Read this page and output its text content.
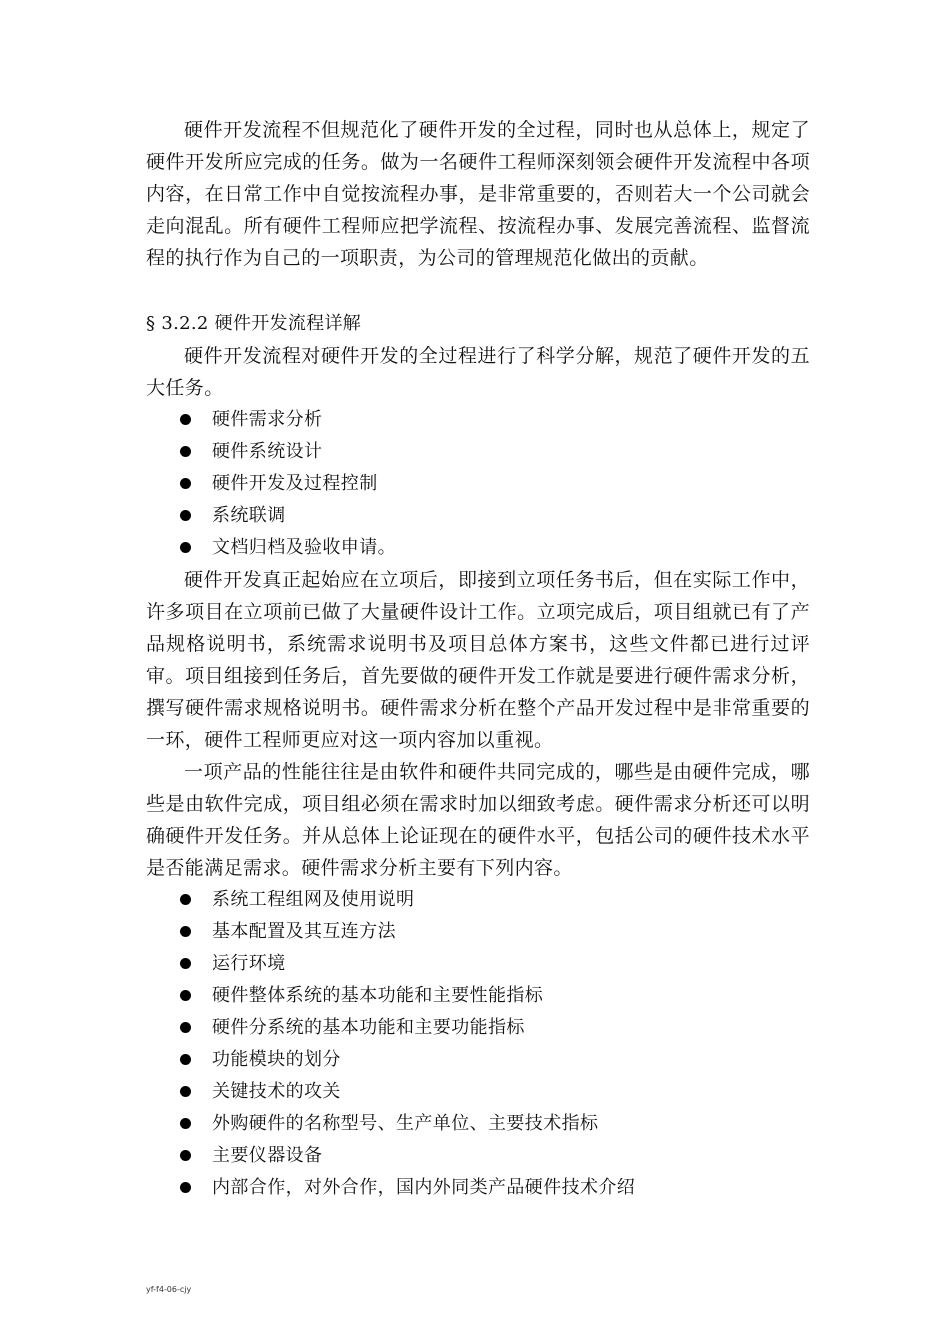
硬件开发流程不但规范化了硬件开发的全过程，同时也从总体上，规定了硬件开发所应完成的任务。做为一名硬件工程师深刻领会硬件开发流程中各项内容，在日常工作中自觉按流程办事，是非常重要的，否则若大一个公司就会走向混乱。所有硬件工程师应把学流程、按流程办事、发展完善流程、监督流程的执行作为自己的一项职责，为公司的管理规范化做出的贡献。

§ 3.2.2 硬件开发流程详解

硬件开发流程对硬件开发的全过程进行了科学分解，规范了硬件开发的五大任务。

硬件需求分析
硬件系统设计
硬件开发及过程控制
系统联调
文档归档及验收申请。

硬件开发真正起始应在立项后，即接到立项任务书后，但在实际工作中，许多项目在立项前已做了大量硬件设计工作。立项完成后，项目组就已有了产品规格说明书，系统需求说明书及项目总体方案书，这些文件都已进行过评审。项目组接到任务后，首先要做的硬件开发工作就是要进行硬件需求分析，撰写硬件需求规格说明书。硬件需求分析在整个产品开发过程中是非常重要的一环，硬件工程师更应对这一项内容加以重视。

一项产品的性能往往是由软件和硬件共同完成的，哪些是由硬件完成，哪些是由软件完成，项目组必须在需求时加以细致考虑。硬件需求分析还可以明确硬件开发任务。并从总体上论证现在的硬件水平，包括公司的硬件技术水平是否能满足需求。硬件需求分析主要有下列内容。

系统工程组网及使用说明
基本配置及其互连方法
运行环境
硬件整体系统的基本功能和主要性能指标
硬件分系统的基本功能和主要功能指标
功能模块的划分
关键技术的攻关
外购硬件的名称型号、生产单位、主要技术指标
主要仪器设备
内部合作，对外合作，国内外同类产品硬件技术介绍
yf-f4-06-cjy
